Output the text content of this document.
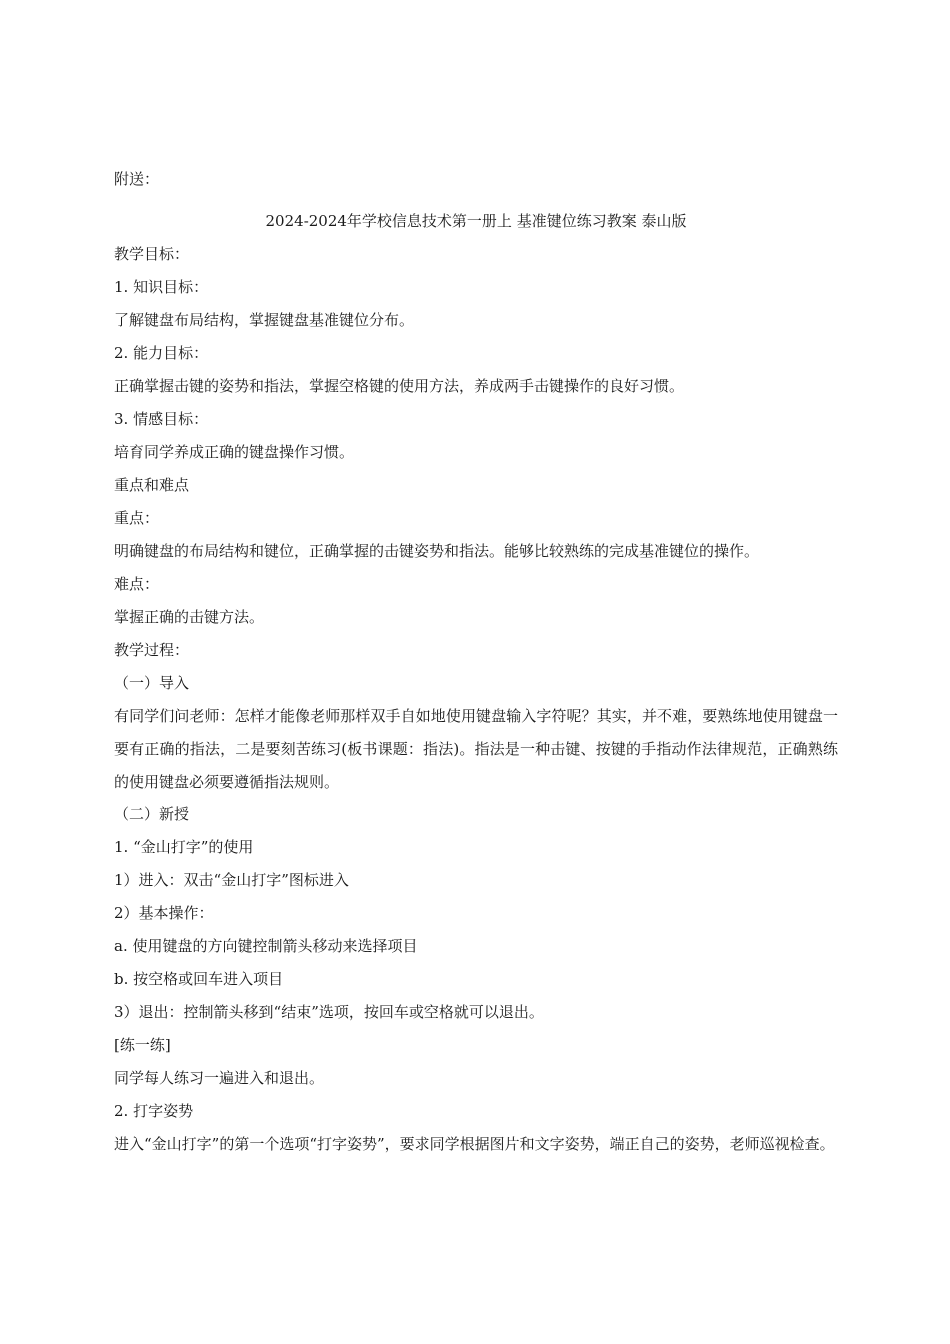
附送：
2024-2024年学校信息技术第一册上 基准键位练习教案 泰山版
教学目标：
1. 知识目标：
了解键盘布局结构，掌握键盘基准键位分布。
2. 能力目标：
正确掌握击键的姿势和指法，掌握空格键的使用方法，养成两手击键操作的良好习惯。
3. 情感目标：
培育同学养成正确的键盘操作习惯。
重点和难点
重点：
明确键盘的布局结构和键位，正确掌握的击键姿势和指法。能够比较熟练的完成基准键位的操作。
难点：
掌握正确的击键方法。
教学过程：
（一）导入
有同学们问老师：怎样才能像老师那样双手自如地使用键盘输入字符呢？其实，并不难，要熟练地使用键盘一要有正确的指法，二是要刻苦练习(板书课题：指法)。指法是一种击键、按键的手指动作法律规范，正确熟练的使用键盘必须要遵循指法规则。
（二）新授
1. “金山打字”的使用
1）进入：双击“金山打字”图标进入
2）基本操作：
a. 使用键盘的方向键控制箭头移动来选择项目
b. 按空格或回车进入项目
3）退出：控制箭头移到“结束”选项，按回车或空格就可以退出。
[练一练]
同学每人练习一遍进入和退出。
2. 打字姿势
进入“金山打字”的第一个选项“打字姿势”，要求同学根据图片和文字姿势，端正自己的姿势，老师巡视检查。
